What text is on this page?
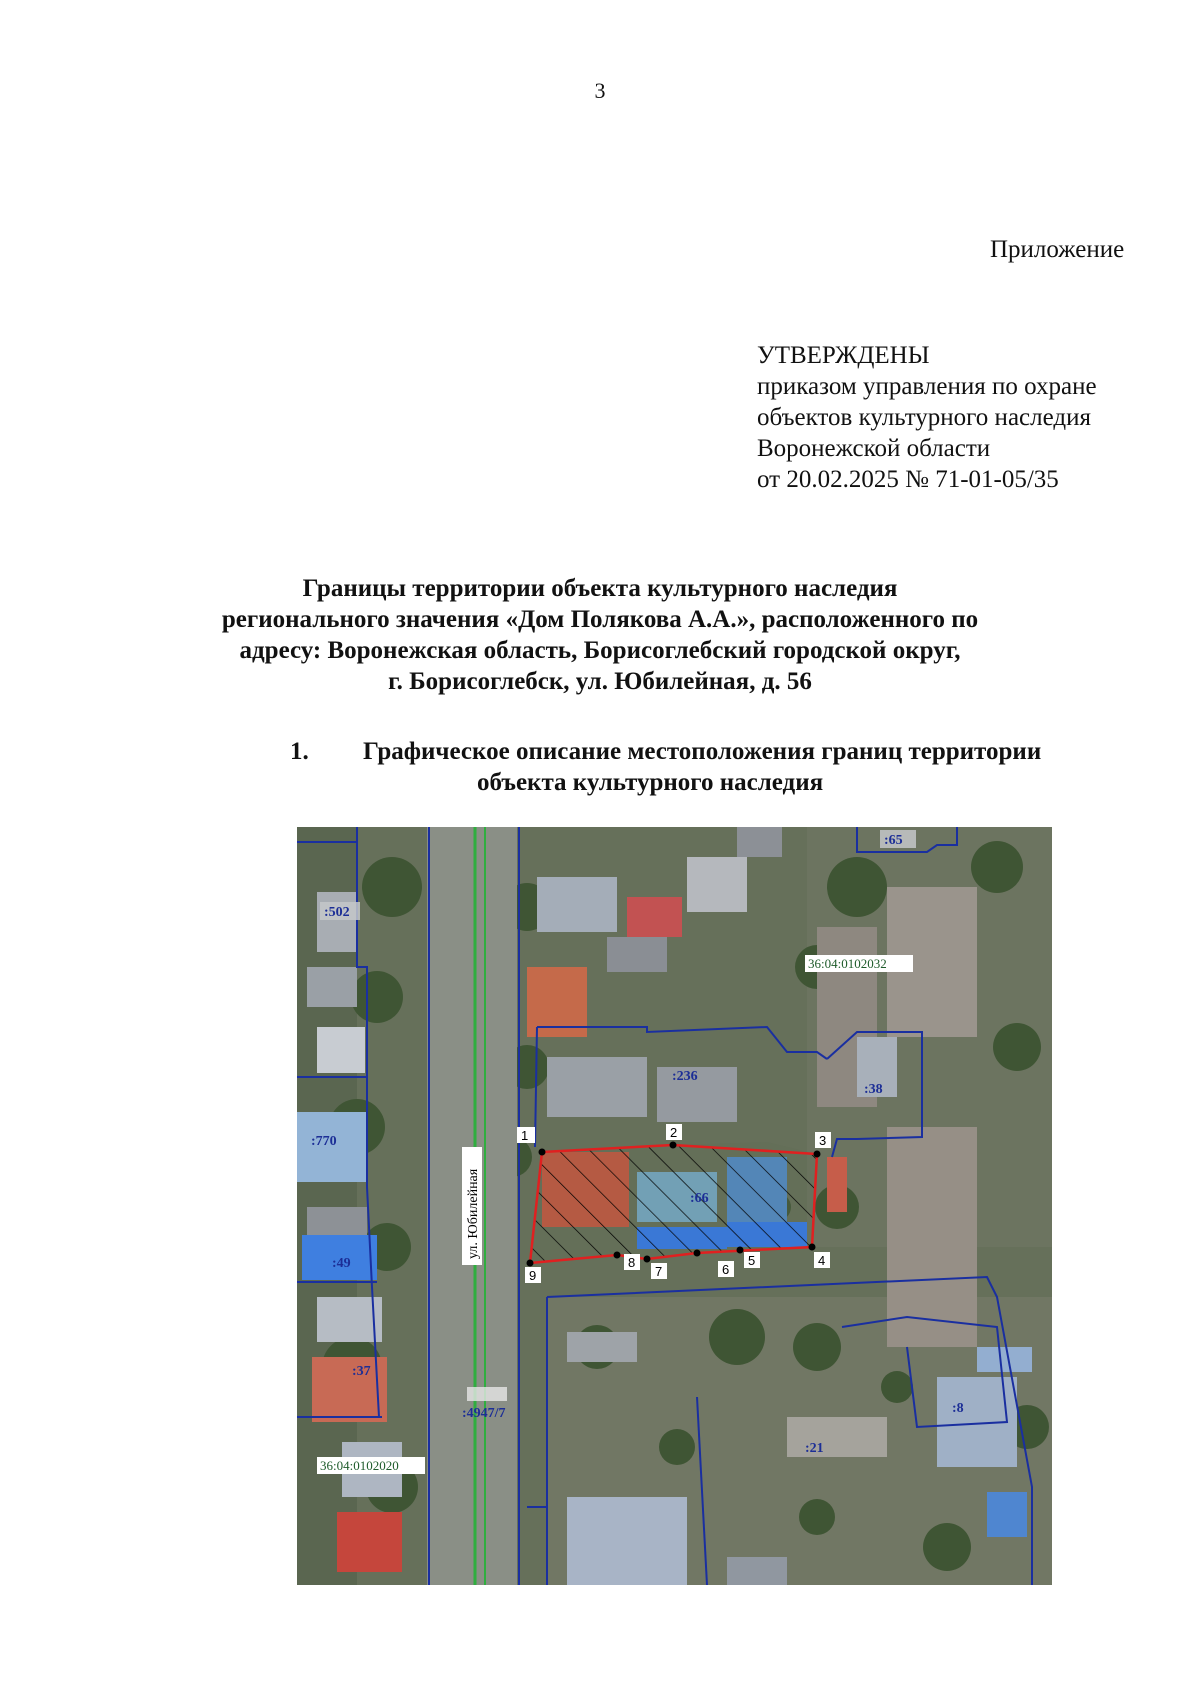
3
Приложение
УТВЕРЖДЕНЫ
приказом управления по охране
объектов культурного наследия
Воронежской области
от 20.02.2025 № 71-01-05/35
Границы территории объекта культурного наследия
регионального значения «Дом Полякова А.А.», расположенного по
адресу: Воронежская область, Борисоглебский городской округ,
г. Борисоглебск, ул. Юбилейная, д. 56
1. Графическое описание местоположения границ территории
объекта культурного наследия
1	2
3
4
5
6
7
8
9
:65
:502
:770
:49
:37
:236
:38
:66
:21
:8
:4947/7
36:04:0102032
36:04:0102020
ул. Юбилейная
